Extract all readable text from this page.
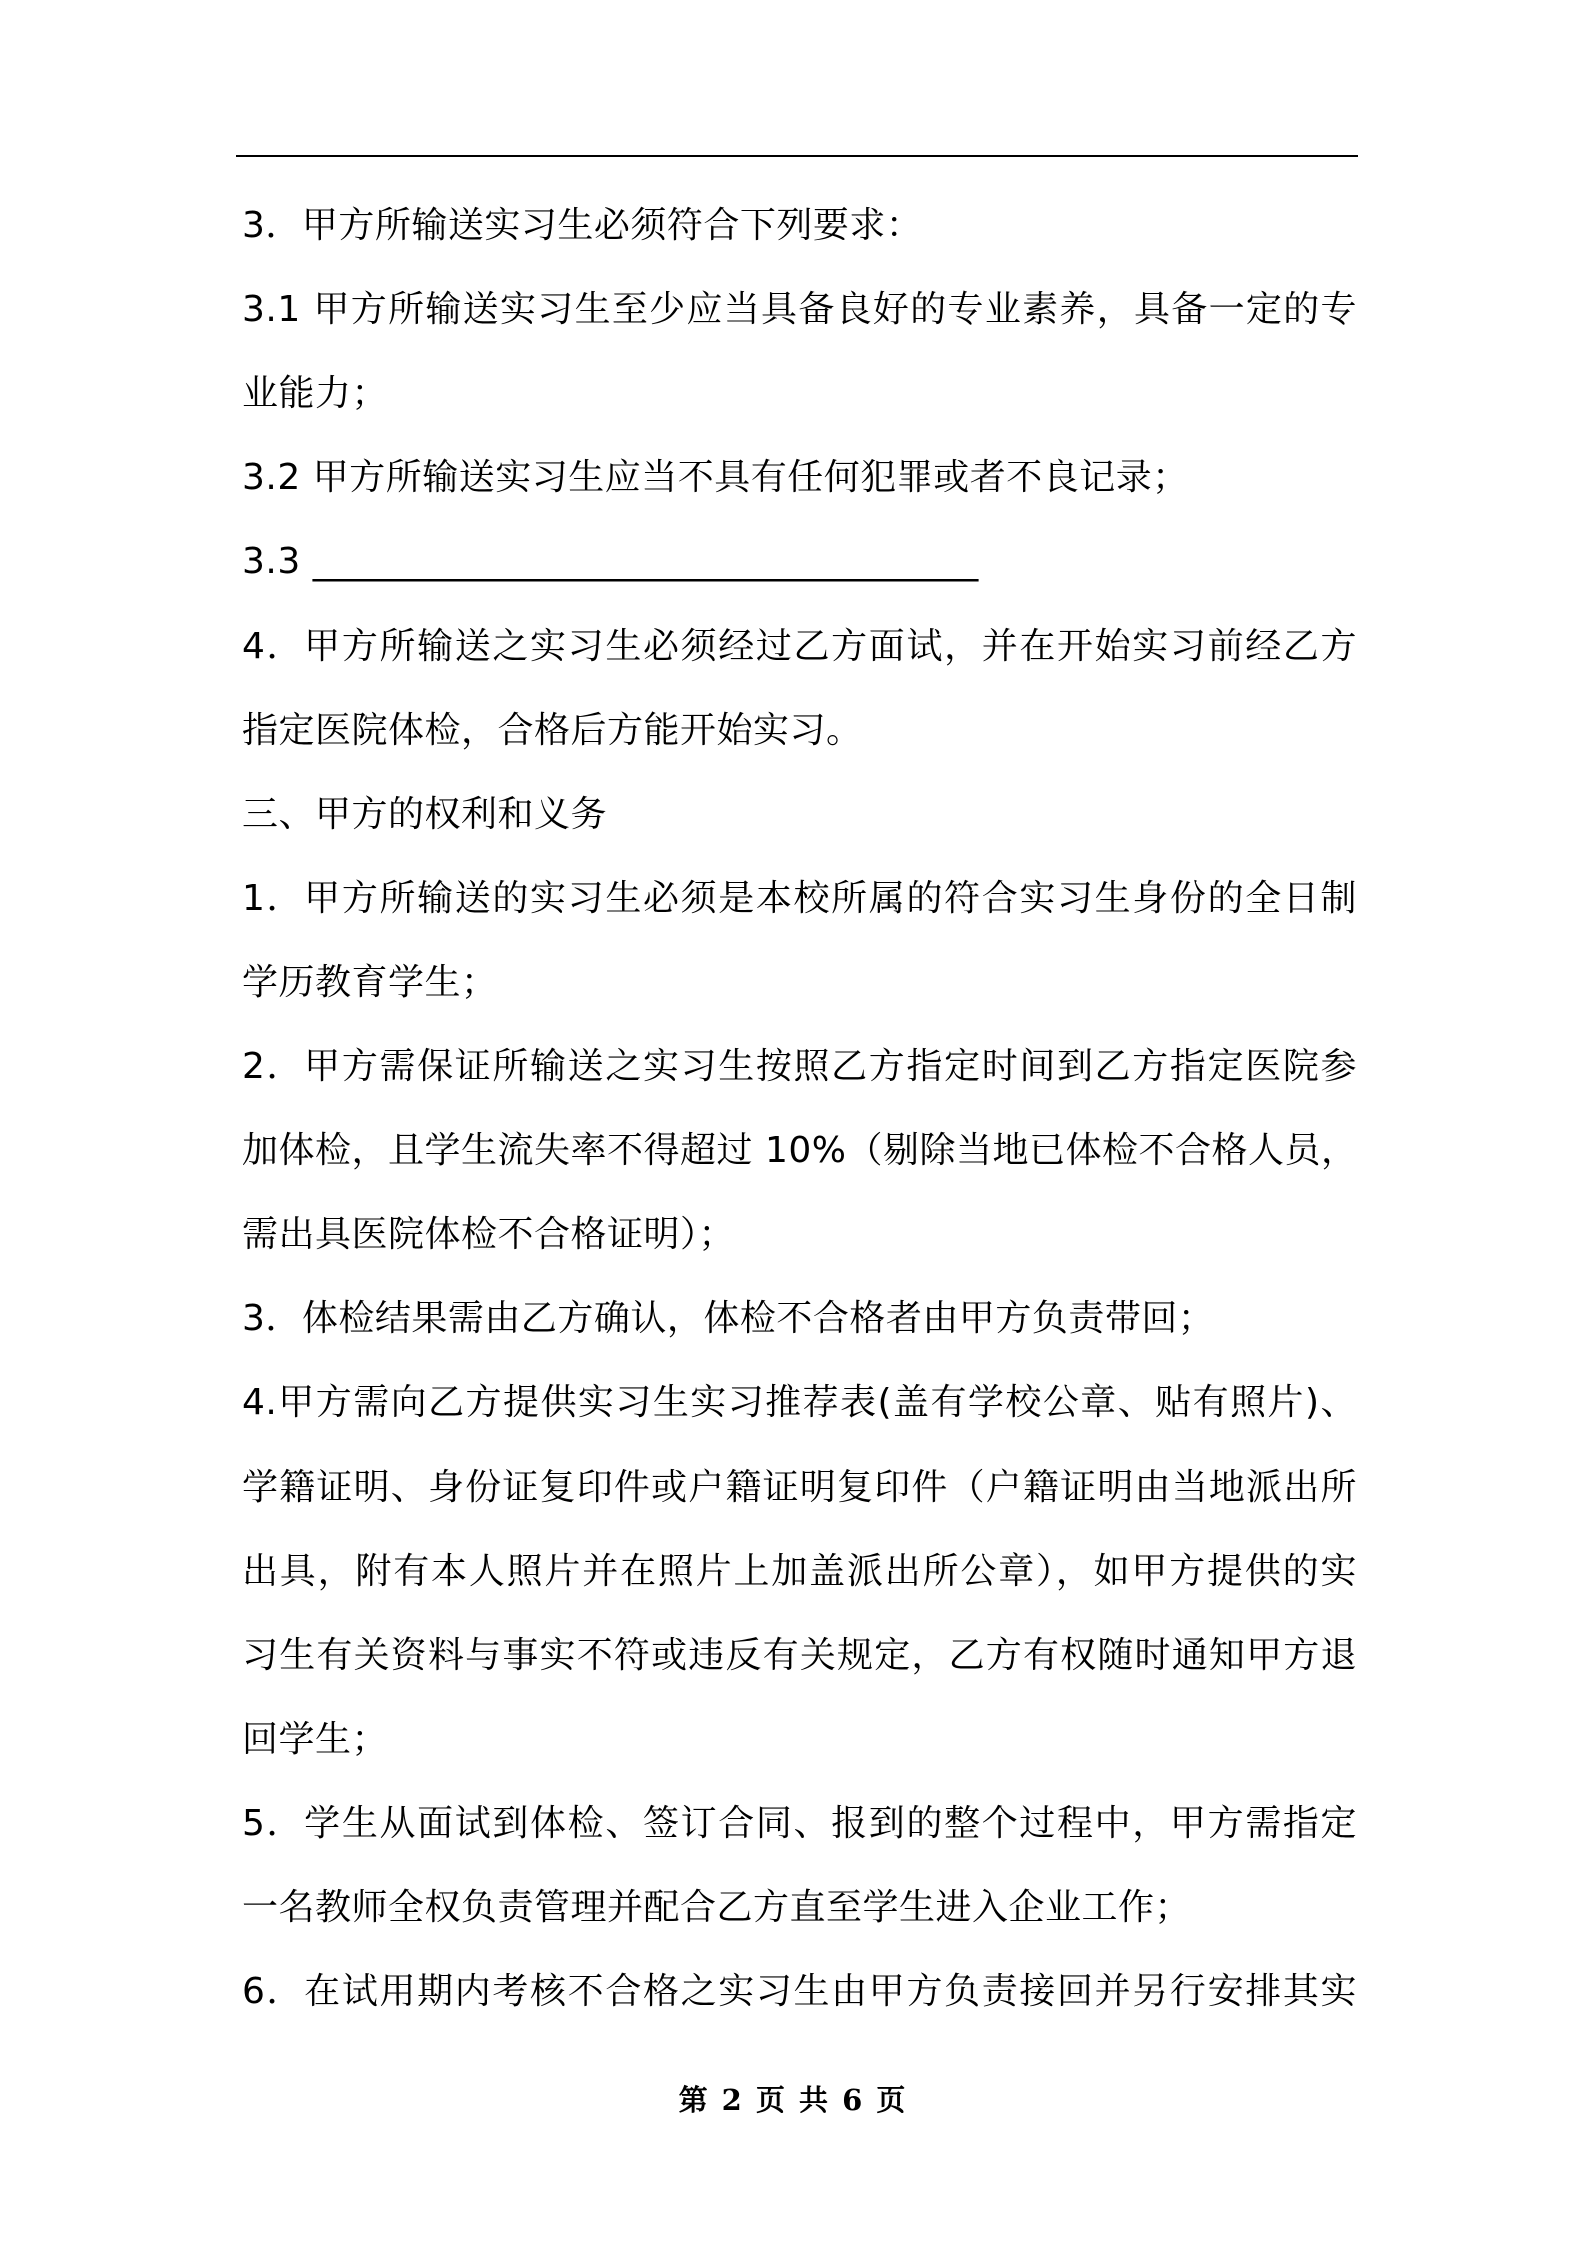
3．甲方所输送实习生必须符合下列要求：
3.1 甲方所输送实习生至少应当具备良好的专业素养，具备一定的专
业能力；
3.2 甲方所输送实习生应当不具有任何犯罪或者不良记录；
3.3 ____________________________________
4．甲方所输送之实习生必须经过乙方面试，并在开始实习前经乙方
指定医院体检，合格后方能开始实习。
三、甲方的权利和义务
1．甲方所输送的实习生必须是本校所属的符合实习生身份的全日制
学历教育学生；
2．甲方需保证所输送之实习生按照乙方指定时间到乙方指定医院参
加体检，且学生流失率不得超过 10%（剔除当地已体检不合格人员，
需出具医院体检不合格证明）；
3．体检结果需由乙方确认，体检不合格者由甲方负责带回；
4.甲方需向乙方提供实习生实习推荐表(盖有学校公章、贴有照片)、
学籍证明、身份证复印件或户籍证明复印件（户籍证明由当地派出所
出具，附有本人照片并在照片上加盖派出所公章），如甲方提供的实
习生有关资料与事实不符或违反有关规定，乙方有权随时通知甲方退
回学生；
5．学生从面试到体检、签订合同、报到的整个过程中，甲方需指定
一名教师全权负责管理并配合乙方直至学生进入企业工作；
6．在试用期内考核不合格之实习生由甲方负责接回并另行安排其实
第 2 页 共 6 页
